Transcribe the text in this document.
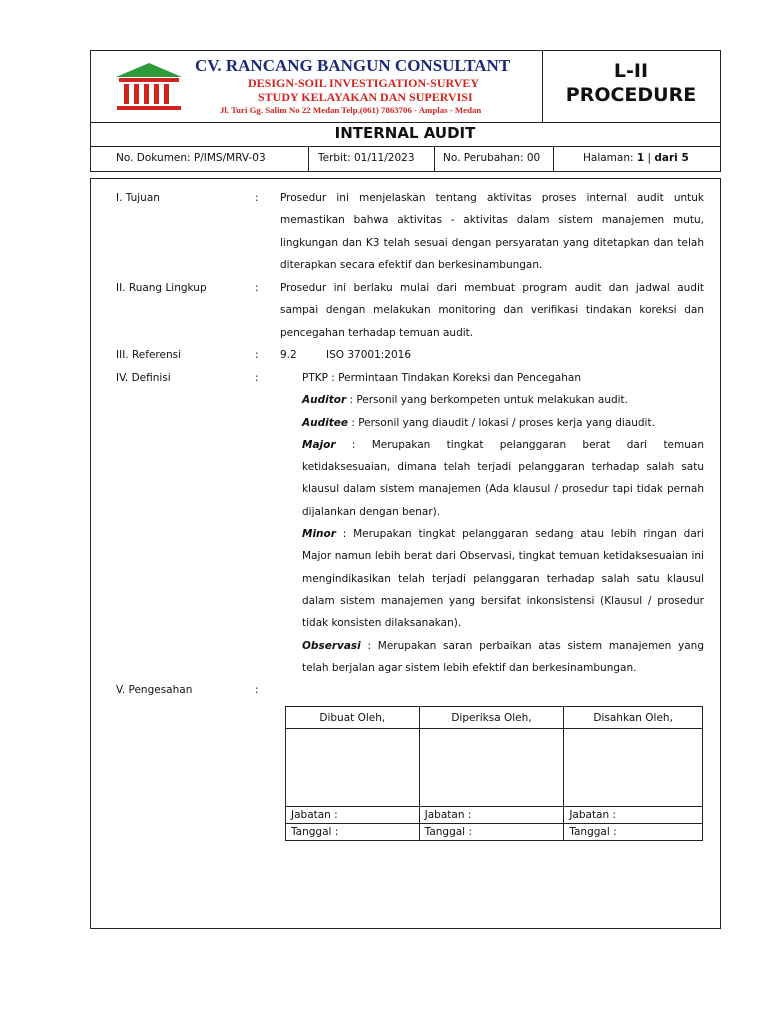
CV. RANCANG BANGUN CONSULTANT
DESIGN-SOIL INVESTIGATION-SURVEY
STUDY KELAYAKAN DAN SUPERVISI
Jl. Turi Gg. Salim No 22 Medan Telp.(061) 7863706 - Amplas - Medan
L-II
PROCEDURE
INTERNAL AUDIT
No. Dokumen: P/IMS/MRV-03	Terbit: 01/11/2023	No. Perubahan: 00	Halaman: 1 | dari 5
I. Tujuan	: Prosedur ini menjelaskan tentang aktivitas proses internal audit untuk memastikan bahwa aktivitas - aktivitas dalam sistem manajemen mutu, lingkungan dan K3 telah sesuai dengan persyaratan yang ditetapkan dan telah diterapkan secara efektif dan berkesinambungan.
II. Ruang Lingkup	: Prosedur ini berlaku mulai dari membuat program audit dan jadwal audit sampai dengan melakukan monitoring dan verifikasi tindakan koreksi dan pencegahan terhadap temuan audit.
III. Referensi	: 9.2	ISO 37001:2016
IV. Definisi	:	PTKP : Permintaan Tindakan Koreksi dan Pencegahan

Auditor : Personil yang berkompeten untuk melakukan audit.

Auditee : Personil yang diaudit / lokasi / proses kerja yang diaudit.

Major : Merupakan tingkat pelanggaran berat dari temuan ketidaksesuaian, dimana telah terjadi pelanggaran terhadap salah satu klausul dalam sistem manajemen (Ada klausul / prosedur tapi tidak pernah dijalankan dengan benar).

Minor : Merupakan tingkat pelanggaran sedang atau lebih ringan dari Major namun lebih berat dari Observasi, tingkat temuan ketidaksesuaian ini mengindikasikan telah terjadi pelanggaran terhadap salah satu klausul dalam sistem manajemen yang bersifat inkonsistensi (Klausul / prosedur tidak konsisten dilaksanakan).

Observasi : Merupakan saran perbaikan atas sistem manajemen yang telah berjalan agar sistem lebih efektif dan berkesinambungan.

V. Pengesahan	:
Dibuat Oleh,	Diperiksa Oleh,	Disahkan Oleh,

Jabatan :	Jabatan :	Jabatan :
Tanggal :	Tanggal :	Tanggal :
